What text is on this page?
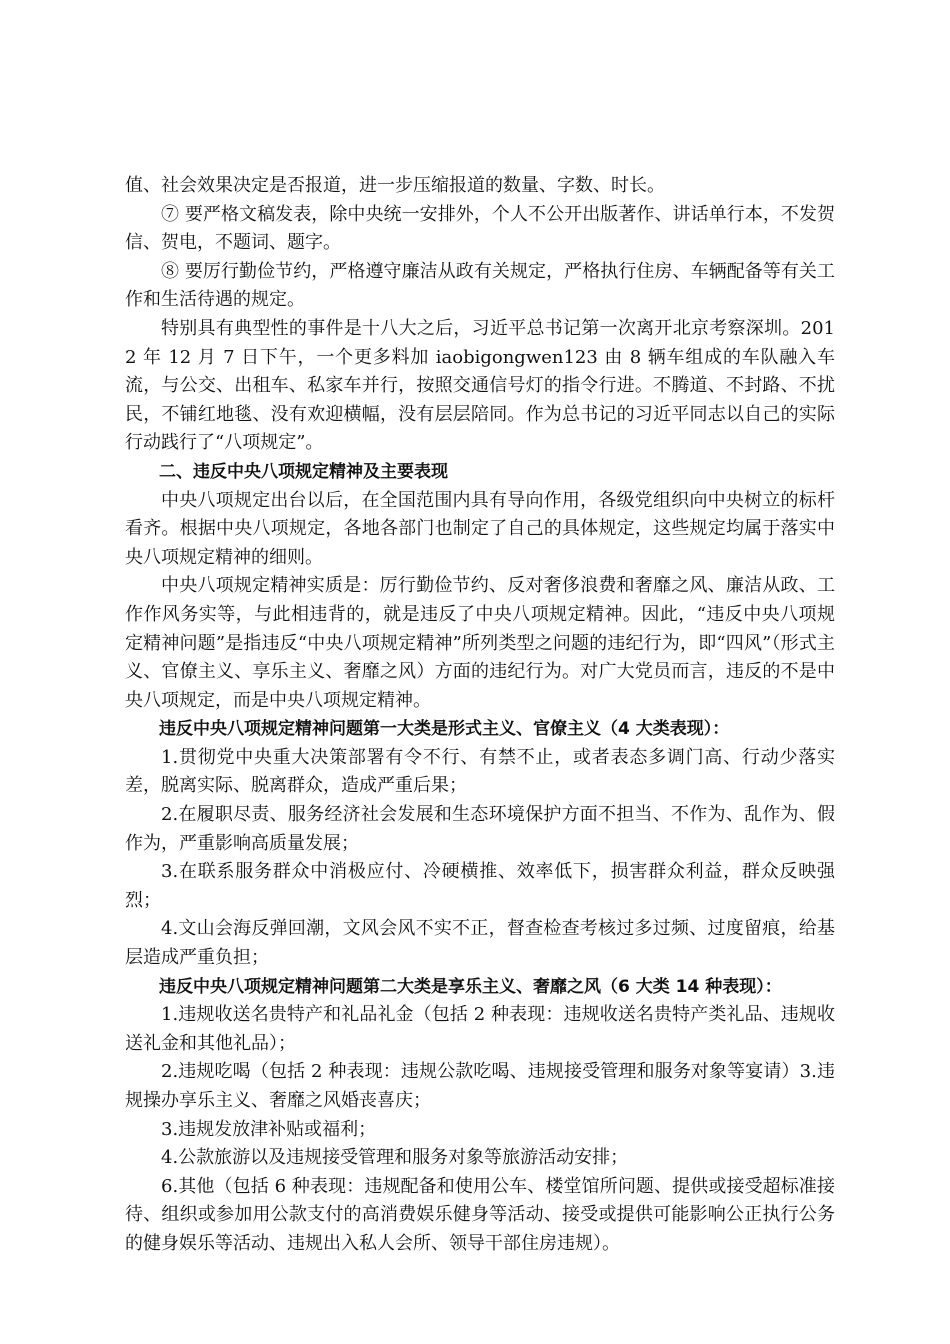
值、社会效果决定是否报道，进一步压缩报道的数量、字数、时长。

⑦ 要严格文稿发表，除中央统一安排外，个人不公开出版著作、讲话单行本，不发贺信、贺电，不题词、题字。

⑧ 要厉行勤俭节约，严格遵守廉洁从政有关规定，严格执行住房、车辆配备等有关工作和生活待遇的规定。

特别具有典型性的事件是十八大之后，习近平总书记第一次离开北京考察深圳。2012 年 12 月 7 日下午，一个更多料加 iaobigongwen123 由 8 辆车组成的车队融入车流，与公交、出租车、私家车并行，按照交通信号灯的指令行进。不腾道、不封路、不扰民，不铺红地毯、没有欢迎横幅，没有层层陪同。作为总书记的习近平同志以自己的实际行动践行了“八项规定”。

二、违反中央八项规定精神及主要表现

中央八项规定出台以后，在全国范围内具有导向作用，各级党组织向中央树立的标杆看齐。根据中央八项规定，各地各部门也制定了自己的具体规定，这些规定均属于落实中央八项规定精神的细则。

中央八项规定精神实质是：厉行勤俭节约、反对奢侈浪费和奢靡之风、廉洁从政、工作作风务实等，与此相违背的，就是违反了中央八项规定精神。因此，“违反中央八项规定精神问题”是指违反“中央八项规定精神”所列类型之问题的违纪行为，即“四风”（形式主义、官僚主义、享乐主义、奢靡之风）方面的违纪行为。对广大党员而言，违反的不是中央八项规定，而是中央八项规定精神。

违反中央八项规定精神问题第一大类是形式主义、官僚主义（4 大类表现）：

1.贯彻党中央重大决策部署有令不行、有禁不止，或者表态多调门高、行动少落实差，脱离实际、脱离群众，造成严重后果；

2.在履职尽责、服务经济社会发展和生态环境保护方面不担当、不作为、乱作为、假作为，严重影响高质量发展；

3.在联系服务群众中消极应付、冷硬横推、效率低下，损害群众利益，群众反映强烈；

4.文山会海反弹回潮，文风会风不实不正，督查检查考核过多过频、过度留痕，给基层造成严重负担；

违反中央八项规定精神问题第二大类是享乐主义、奢靡之风（6 大类 14 种表现）：

1.违规收送名贵特产和礼品礼金（包括 2 种表现：违规收送名贵特产类礼品、违规收送礼金和其他礼品）；

2.违规吃喝（包括 2 种表现：违规公款吃喝、违规接受管理和服务对象等宴请）3.违规操办享乐主义、奢靡之风婚丧喜庆；

3.违规发放津补贴或福利；

4.公款旅游以及违规接受管理和服务对象等旅游活动安排；

6.其他（包括 6 种表现：违规配备和使用公车、楼堂馆所问题、提供或接受超标准接待、组织或参加用公款支付的高消费娱乐健身等活动、接受或提供可能影响公正执行公务的健身娱乐等活动、违规出入私人会所、领导干部住房违规）。
